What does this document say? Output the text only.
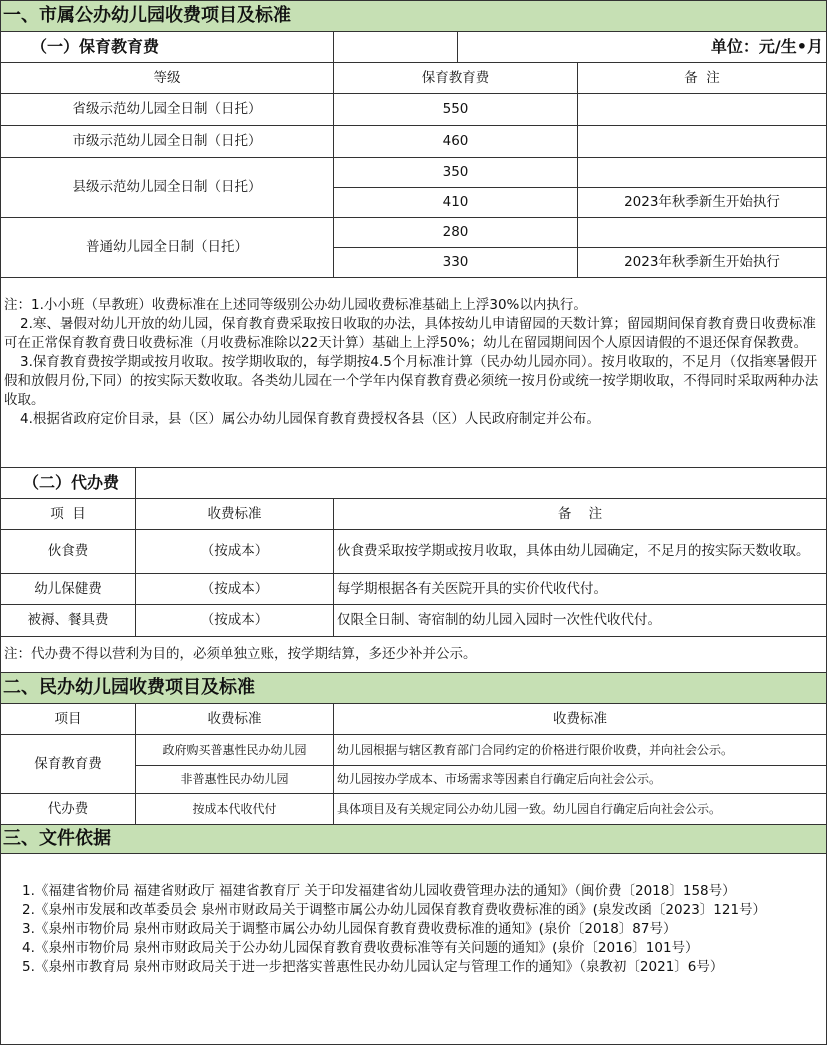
一、市属公办幼儿园收费项目及标准
（一）保育教育费	单位：元/生•月
等级	保育教育费	备  注
省级示范幼儿园全日制（日托）	550
市级示范幼儿园全日制（日托）	460
县级示范幼儿园全日制（日托）
350
410	2023年秋季新生开始执行
普通幼儿园全日制（日托）
280
330	2023年秋季新生开始执行

注：1.小小班（早教班）收费标准在上述同等级别公办幼儿园收费标准基础上上浮30%以内执行。

2.寒、暑假对幼儿开放的幼儿园，保育教育费采取按日收取的办法，具体按幼儿申请留园的天数计算；留园期间保育教育费日收费标准可在正常保育教育费日收费标准（月收费标准除以22天计算）基础上上浮50%；幼儿在留园期间因个人原因请假的不退还保育保教费。

3.保育教育费按学期或按月收取。按学期收取的，每学期按4.5个月标准计算（民办幼儿园亦同）。按月收取的，不足月（仅指寒暑假开假和放假月份,下同）的按实际天数收取。各类幼儿园在一个学年内保育教育费必须统一按月份或统一按学期收取，不得同时采取两种办法收取。

4.根据省政府定价目录，县（区）属公办幼儿园保育教育费授权各县（区）人民政府制定并公布。

（二）代办费
项  目	收费标准	备    注
伙食费	（按成本）	伙食费采取按学期或按月收取，具体由幼儿园确定，不足月的按实际天数收取。
幼儿保健费	（按成本）	每学期根据各有关医院开具的实价代收代付。
被褥、餐具费	（按成本）	仅限全日制、寄宿制的幼儿园入园时一次性代收代付。
注：代办费不得以营利为目的，必须单独立账，按学期结算，多还少补并公示。
二、民办幼儿园收费项目及标准
项目	收费标准	收费标准
保育教育费
政府购买普惠性民办幼儿园	幼儿园根据与辖区教育部门合同约定的价格进行限价收费，并向社会公示。
非普惠性民办幼儿园	幼儿园按办学成本、市场需求等因素自行确定后向社会公示。
代办费	按成本代收代付	具体项目及有关规定同公办幼儿园一致。幼儿园自行确定后向社会公示。
三、文件依据

1.《福建省物价局 福建省财政厅 福建省教育厅 关于印发福建省幼儿园收费管理办法的通知》（闽价费〔2018〕158号）

2.《泉州市发展和改革委员会 泉州市财政局关于调整市属公办幼儿园保育教育费收费标准的函》(泉发改函〔2023〕121号）

3.《泉州市物价局 泉州市财政局关于调整市属公办幼儿园保育教育费收费标准的通知》(泉价〔2018〕87号）

4.《泉州市物价局 泉州市财政局关于公办幼儿园保育教育费收费标准等有关问题的通知》(泉价〔2016〕101号）

5.《泉州市教育局 泉州市财政局关于进一步把落实普惠性民办幼儿园认定与管理工作的通知》（泉教初〔2021〕6号）
